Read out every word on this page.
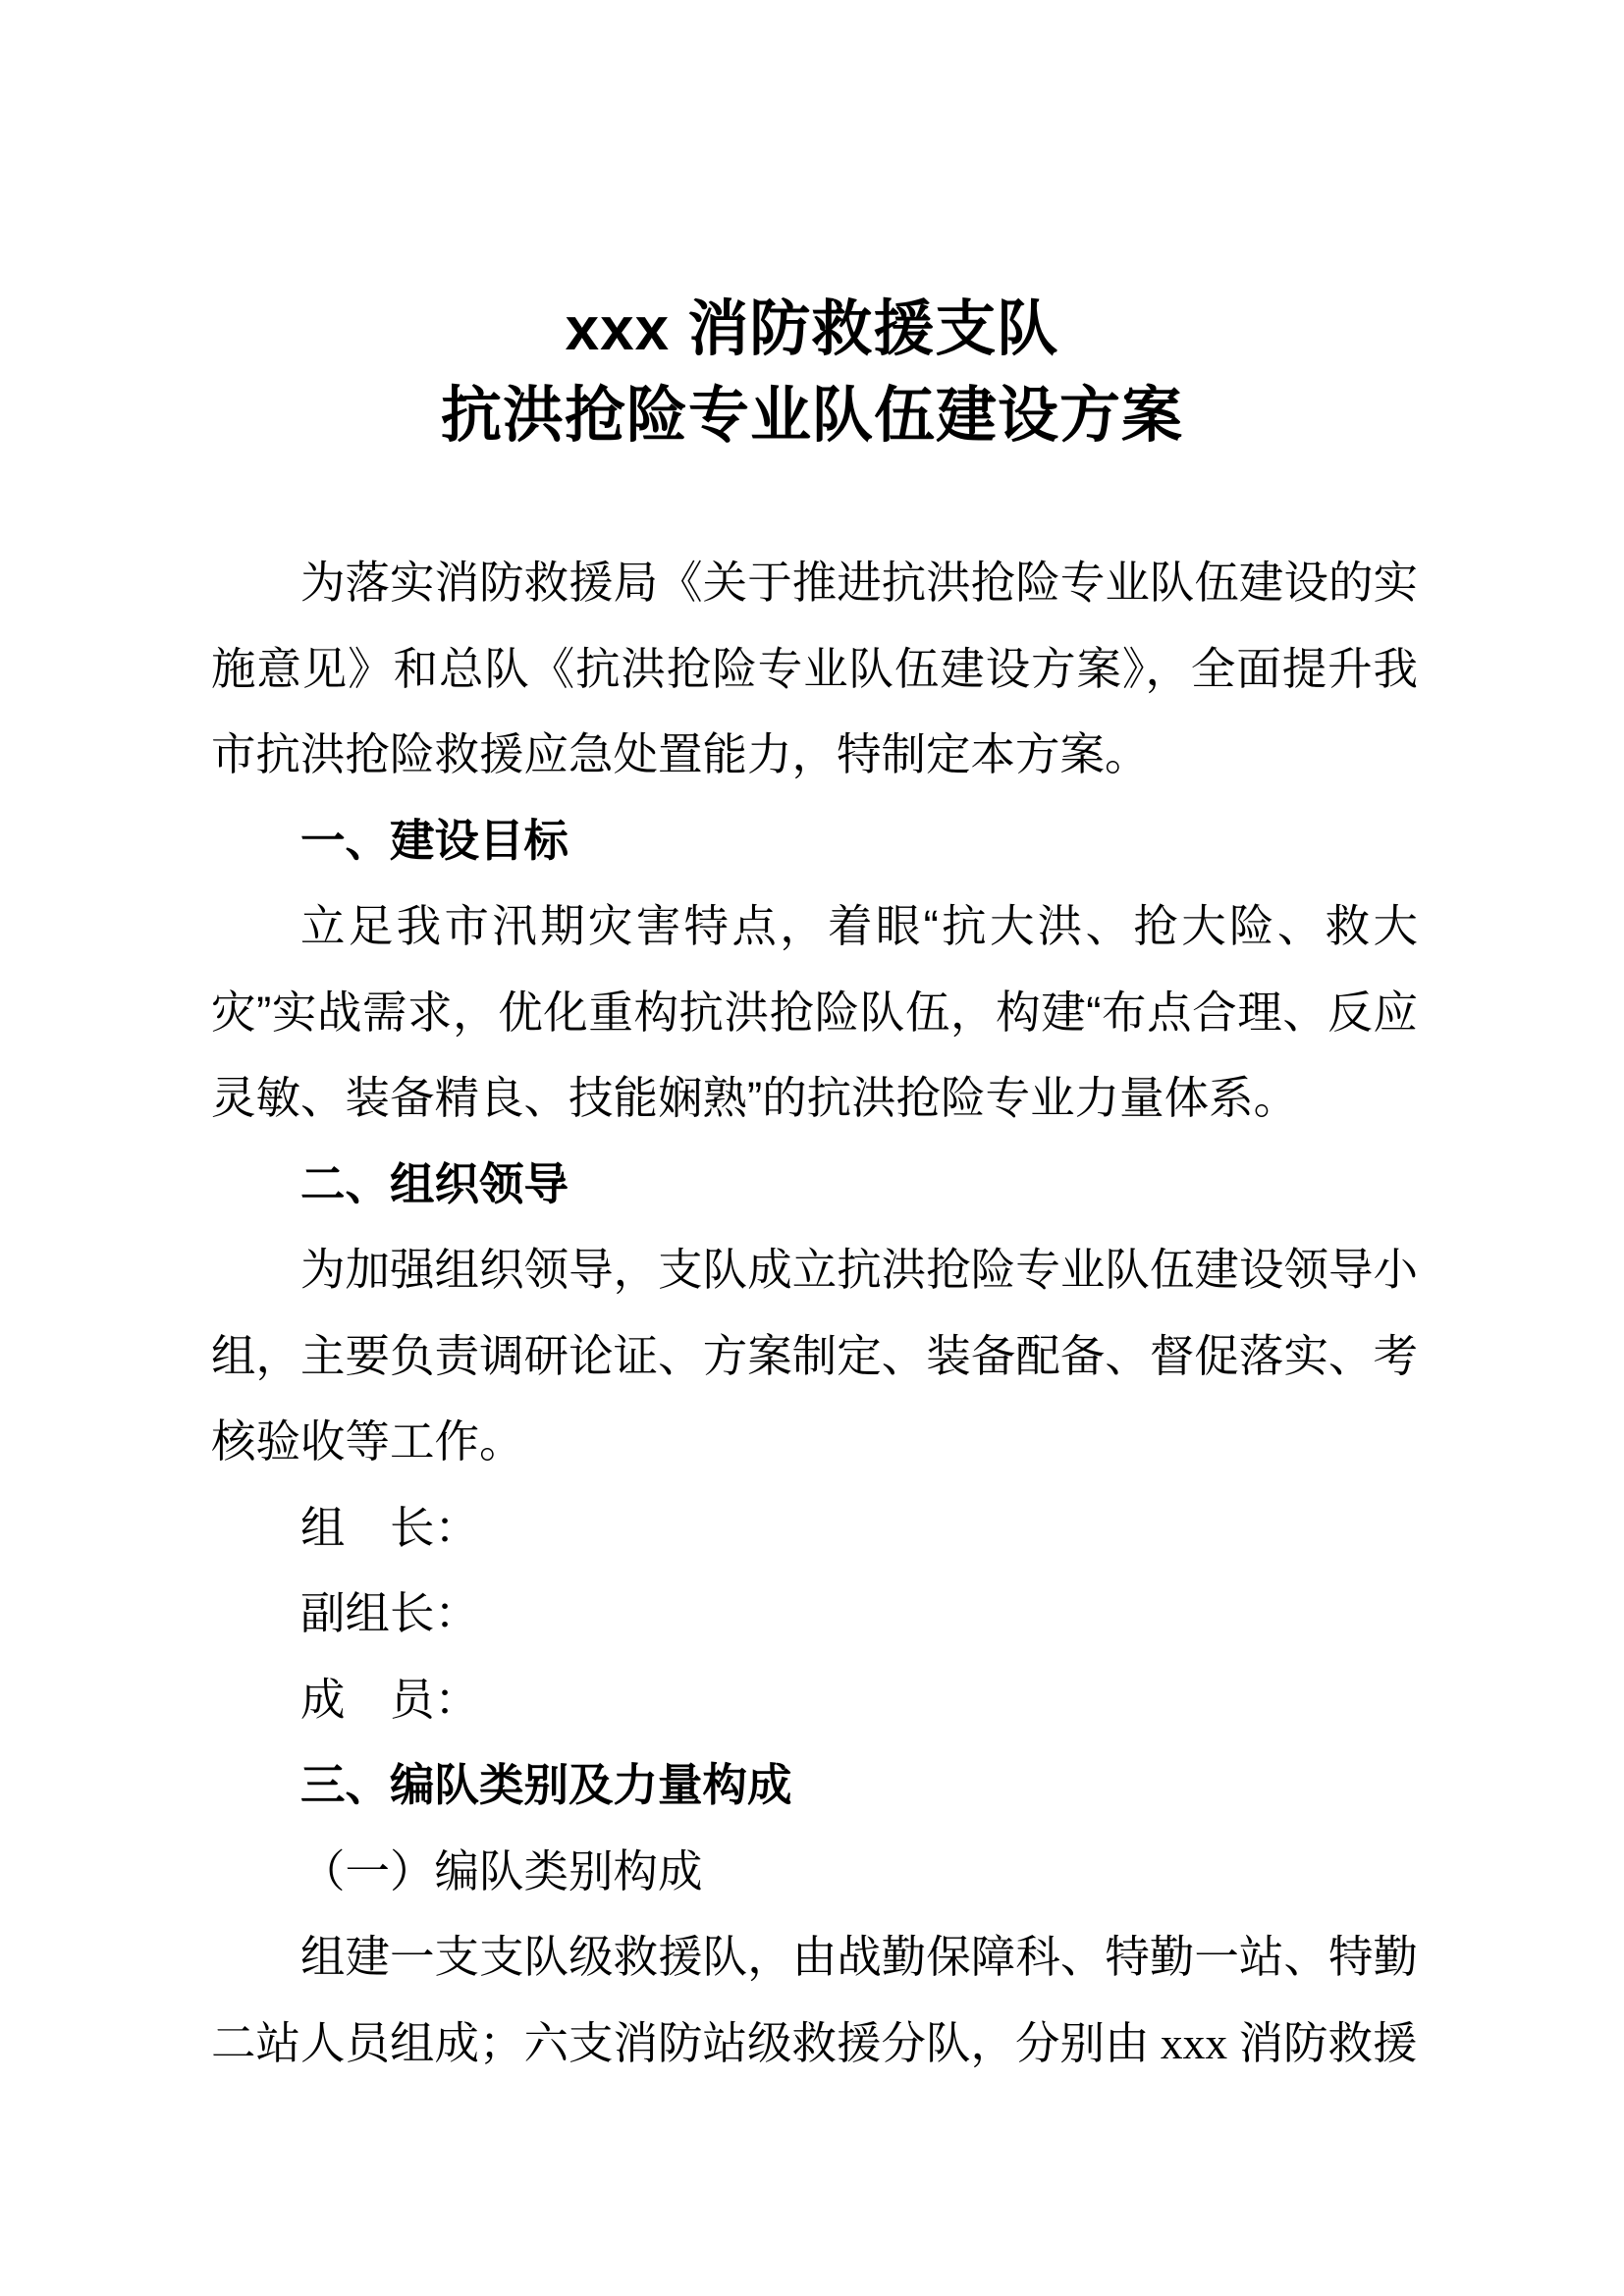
xxx 消防救援支队
抗洪抢险专业队伍建设方案

为落实消防救援局《关于推进抗洪抢险专业队伍建设的实施意见》和总队《抗洪抢险专业队伍建设方案》，全面提升我市抗洪抢险救援应急处置能力，特制定本方案。

一、建设目标

立足我市汛期灾害特点，着眼“抗大洪、抢大险、救大灾”实战需求，优化重构抗洪抢险队伍，构建“布点合理、反应灵敏、装备精良、技能娴熟”的抗洪抢险专业力量体系。

二、组织领导

为加强组织领导，支队成立抗洪抢险专业队伍建设领导小组，主要负责调研论证、方案制定、装备配备、督促落实、考核验收等工作。

组　长：

副组长：

成　员：

三、编队类别及力量构成

（一）编队类别构成

组建一支支队级救援队，由战勤保障科、特勤一站、特勤二站人员组成；六支消防站级救援分队，分别由 xxx 消防救援
